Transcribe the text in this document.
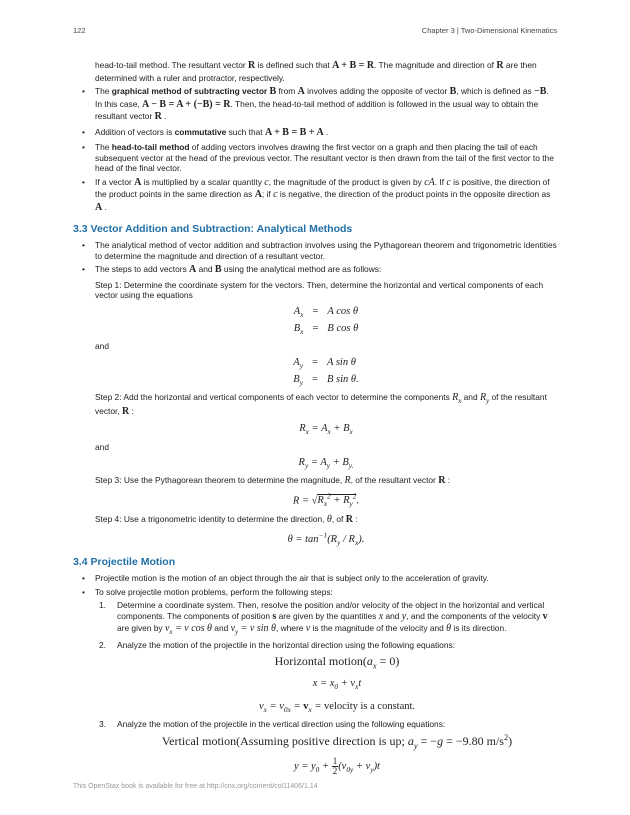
122	Chapter 3 | Two-Dimensional Kinematics

head-to-tail method. The resultant vector R is defined such that A + B = R. The magnitude and direction of R are then determined with a ruler and protractor, respectively.

• The graphical method of subtracting vector B from A involves adding the opposite of vector B, which is defined as −B. In this case, A − B = A + (−B) = R. Then, the head-to-tail method of addition is followed in the usual way to obtain the resultant vector R .
• Addition of vectors is commutative such that A + B = B + A .
• The head-to-tail method of adding vectors involves drawing the first vector on a graph and then placing the tail of each subsequent vector at the head of the previous vector. The resultant vector is then drawn from the tail of the first vector to the head of the final vector.
• If a vector A is multiplied by a scalar quantity c, the magnitude of the product is given by cA. If c is positive, the direction of the product points in the same direction as A; if c is negative, the direction of the product points in the opposite direction as A .
3.3 Vector Addition and Subtraction: Analytical Methods
• The analytical method of vector addition and subtraction involves using the Pythagorean theorem and trigonometric identities to determine the magnitude and direction of a resultant vector.
• The steps to add vectors A and B using the analytical method are as follows:

Step 1: Determine the coordinate system for the vectors. Then, determine the horizontal and vertical components of each vector using the equations

$A_x = A$ cos θ
$B_x = B$ cos θ

and

$A_y = A$ sin θ
$B_y = B$ sin θ.

Step 2: Add the horizontal and vertical components of each vector to determine the components $R_x$ and $R_y$ of the resultant vector, R :

$R_x = A_x + B_x$

and

$R_y = A_y + B_{y.}$

Step 3: Use the Pythagorean theorem to determine the magnitude, R, of the resultant vector R :

$R = √R_x^2 + R_y^2$.

Step 4: Use a trigonometric identity to determine the direction, θ, of R :

$\theta = \tan^{-1}(R_y / R_x)$.
3.4 Projectile Motion
• Projectile motion is the motion of an object through the air that is subject only to the acceleration of gravity.
• To solve projectile motion problems, perform the following steps:
1. Determine a coordinate system. Then, resolve the position and/or velocity of the object in the horizontal and vertical components. The components of position s are given by the quantities x and y, and the components of the velocity v are given by $v_x = v$ cos θ and $v_y = v$ sin θ, where v is the magnitude of the velocity and θ is its direction.
2. Analyze the motion of the projectile in the horizontal direction using the following equations:
Horizontal $motion(a_x = 0)$
$x = x_0 + v_xt$
$v_x = v_{0x} = v_x$ = velocity is a constant.
3. Analyze the motion of the projectile in the vertical direction using the following equations:
Vertical motion(Assuming positive direction is up; $a_y = -g = -9.80$ $m/s^2$)
$y = y_0 + \frac{1}{2} (v_{0y} + v_y)t$
This OpenStax book is available for free at http://cnx.org/content/col11406/1.14
